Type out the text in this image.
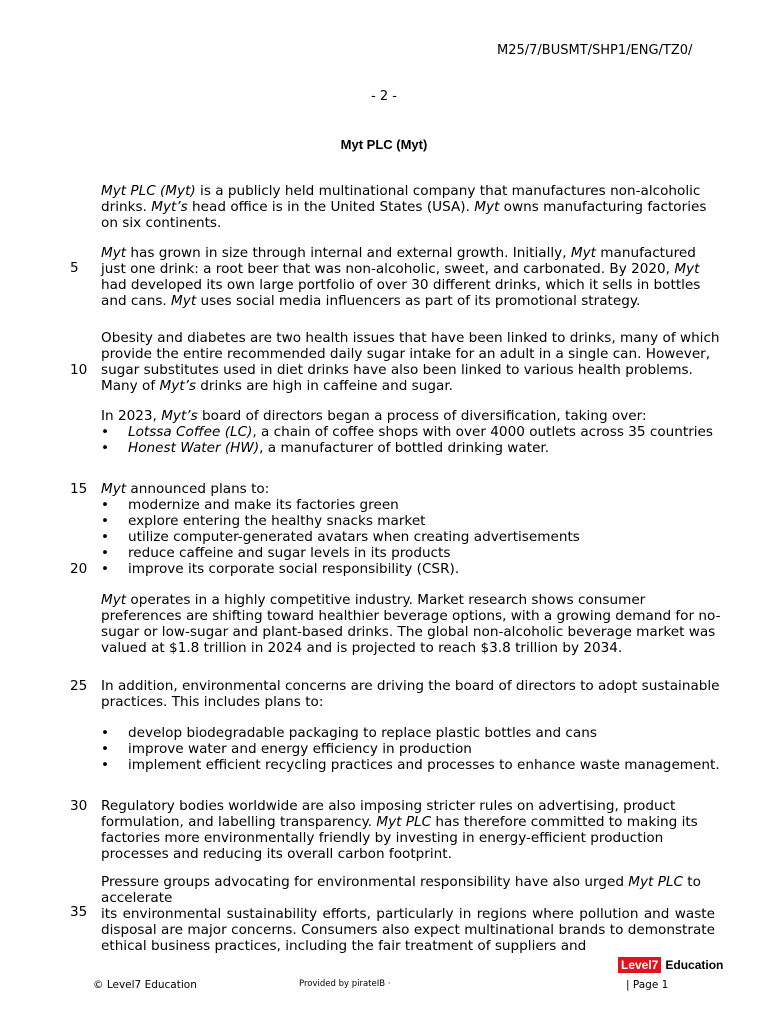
M25/7/BUSMT/SHP1/ENG/TZ0/
- 2 -
Myt PLC (Myt)
5
10
15
20
25
30
35

Myt PLC (Myt) is a publicly held multinational company that manufactures non-alcoholic drinks. Myt’s head office is in the United States (USA). Myt owns manufacturing factories on six continents.

Myt has grown in size through internal and external growth. Initially, Myt manufactured just one drink: a root beer that was non-alcoholic, sweet, and carbonated. By 2020, Myt had developed its own large portfolio of over 30 different drinks, which it sells in bottles and cans. Myt uses social media influencers as part of its promotional strategy.

Obesity and diabetes are two health issues that have been linked to drinks, many of which provide the entire recommended daily sugar intake for an adult in a single can. However, sugar substitutes used in diet drinks have also been linked to various health problems. Many of Myt’s drinks are high in caffeine and sugar.

In 2023, Myt’s board of directors began a process of diversification, taking over:

• Lotssa Coffee (LC), a chain of coffee shops with over 4000 outlets across 35 countries
• Honest Water (HW), a manufacturer of bottled drinking water.

Myt announced plans to:

• modernize and make its factories green
• explore entering the healthy snacks market
• utilize computer-generated avatars when creating advertisements
• reduce caffeine and sugar levels in its products
• improve its corporate social responsibility (CSR).

Myt operates in a highly competitive industry. Market research shows consumer preferences are shifting toward healthier beverage options, with a growing demand for no-sugar or low-sugar and plant-based drinks. The global non-alcoholic beverage market was valued at $1.8 trillion in 2024 and is projected to reach $3.8 trillion by 2034.

In addition, environmental concerns are driving the board of directors to adopt sustainable practices. This includes plans to:

• develop biodegradable packaging to replace plastic bottles and cans
• improve water and energy efficiency in production
• implement efficient recycling practices and processes to enhance waste management.

Regulatory bodies worldwide are also imposing stricter rules on advertising, product formulation, and labelling transparency. Myt PLC has therefore committed to making its factories more environmentally friendly by investing in energy-efficient production processes and reducing its overall carbon footprint.

Pressure groups advocating for environmental responsibility have also urged Myt PLC to accelerate

its environmental sustainability efforts, particularly in regions where pollution and waste disposal are major concerns. Consumers also expect multinational brands to demonstrate ethical business practices, including the fair treatment of suppliers and

Level7 Education
© Level7 Education	Provided by pirateIB ·	| Page 1
